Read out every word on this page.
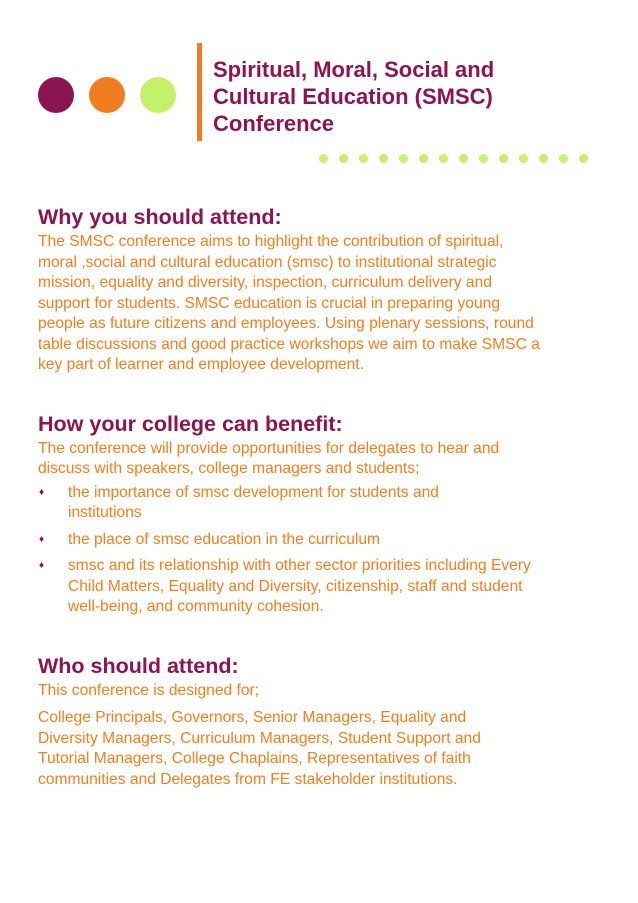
Spiritual, Moral, Social and
Cultural Education (SMSC)
Conference
Why you should attend:

The SMSC conference aims to highlight the contribution of spiritual,

moral ,social and cultural education (smsc) to institutional strategic

mission, equality and diversity, inspection, curriculum delivery and

support for students. SMSC education is crucial in preparing young

people as future citizens and employees. Using plenary sessions, round

table discussions and good practice workshops we aim to make SMSC a

key part of learner and employee development.

How your college can benefit:

The conference will provide opportunities for delegates to hear and

discuss with speakers, college managers and students;

♦ the importance of smsc development for students and
institutions
♦ the place of smsc education in the curriculum
♦ smsc and its relationship with other sector priorities including Every
Child Matters, Equality and Diversity, citizenship, staff and student
well-being, and community cohesion.
Who should attend:

This conference is designed for;

College Principals, Governors, Senior Managers, Equality and

Diversity Managers, Curriculum Managers, Student Support and

Tutorial Managers, College Chaplains, Representatives of faith

communities and Delegates from FE stakeholder institutions.
